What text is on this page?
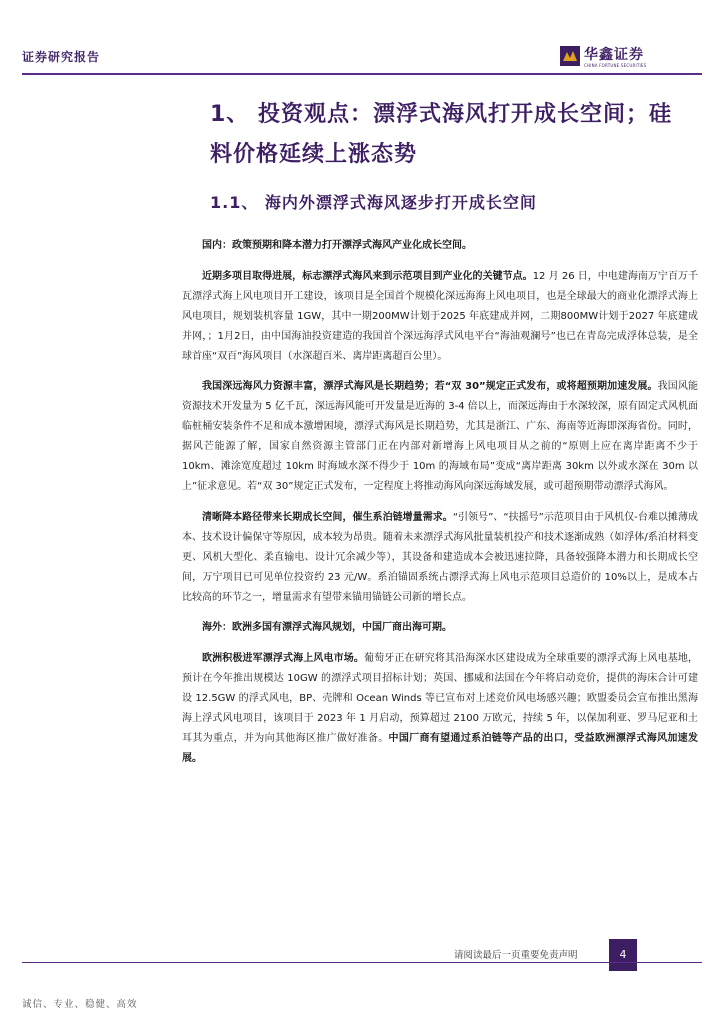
证券研究报告	华鑫证券
CHINA FORTUNE SECURITIES
1、 投资观点：漂浮式海风打开成长空间；硅料价格延续上涨态势
1.1、 海内外漂浮式海风逐步打开成长空间

国内：政策预期和降本潜力打开漂浮式海风产业化成长空间。

近期多项目取得进展，标志漂浮式海风来到示范项目到产业化的关键节点。12 月 26 日，中电建海南万宁百万千瓦漂浮式海上风电项目开工建设，该项目是全国首个规模化深远海海上风电项目，也是全球最大的商业化漂浮式海上风电项目，规划装机容量 1GW，其中一期200MW计划于2025 年底建成并网，二期800MW计划于2027 年底建成并网，；1月2日，由中国海油投资建造的我国首个深远海浮式风电平台“海油观澜号”也已在青岛完成浮体总装，是全球首座“双百”海风项目（水深超百米、离岸距离超百公里）。

我国深远海风力资源丰富，漂浮式海风是长期趋势；若“双 30”规定正式发布，或将超预期加速发展。我国风能资源技术开发量为 5 亿千瓦，深远海风能可开发量是近海的 3-4 倍以上，而深远海由于水深较深，原有固定式风机面临桩桶安装条件不足和成本激增困境，漂浮式海风是长期趋势，尤其是浙江、广东、海南等近海即深海省份。同时，据风芒能源了解，国家自然资源主管部门正在内部对新增海上风电项目从之前的“原则上应在离岸距离不少于 10km、滩涂宽度超过 10km 时海域水深不得少于 10m 的海域布局”变成“离岸距离 30km 以外或水深在 30m 以上”征求意见。若“双 30”规定正式发布，一定程度上将推动海风向深远海域发展，或可超预期带动漂浮式海风。

清晰降本路径带来长期成长空间，催生系泊链增量需求。“引领号”、“扶摇号”示范项目由于风机仅-台难以摊薄成本、技术设计偏保守等原因，成本较为昂贵。随着未来漂浮式海风批量装机投产和技术逐渐成熟（如浮体/系泊材料变更、风机大型化、柔直输电、设计冗余减少等），其设备和建造成本会被迅速拉降，具备较强降本潜力和长期成长空间，万宁项目已可见单位投资约 23 元/W。系泊锚固系统占漂浮式海上风电示范项目总造价的 10%以上，是成本占比较高的环节之一，增量需求有望带来锚用锚链公司新的增长点。

海外：欧洲多国有漂浮式海风规划，中国厂商出海可期。

欧洲积极进军漂浮式海上风电市场。葡萄牙正在研究将其沿海深水区建设成为全球重要的漂浮式海上风电基地，预计在今年推出规模达 10GW 的漂浮式项目招标计划；英国、挪威和法国在今年将启动竞价，提供的海床合计可建设 12.5GW 的浮式风电，BP、壳牌和 Ocean Winds 等已宣布对上述竞价风电场感兴趣；欧盟委员会宣布推出黑海海上浮式风电项目，该项目于 2023 年 1 月启动，预算超过 2100 万欧元，持续 5 年，以保加利亚、罗马尼亚和土耳其为重点，并为向其他海区推广做好准备。中国厂商有望通过系泊链等产品的出口，受益欧洲漂浮式海风加速发展。

请阅读最后一页重要免责声明	4
诚信、专业、稳健、高效
